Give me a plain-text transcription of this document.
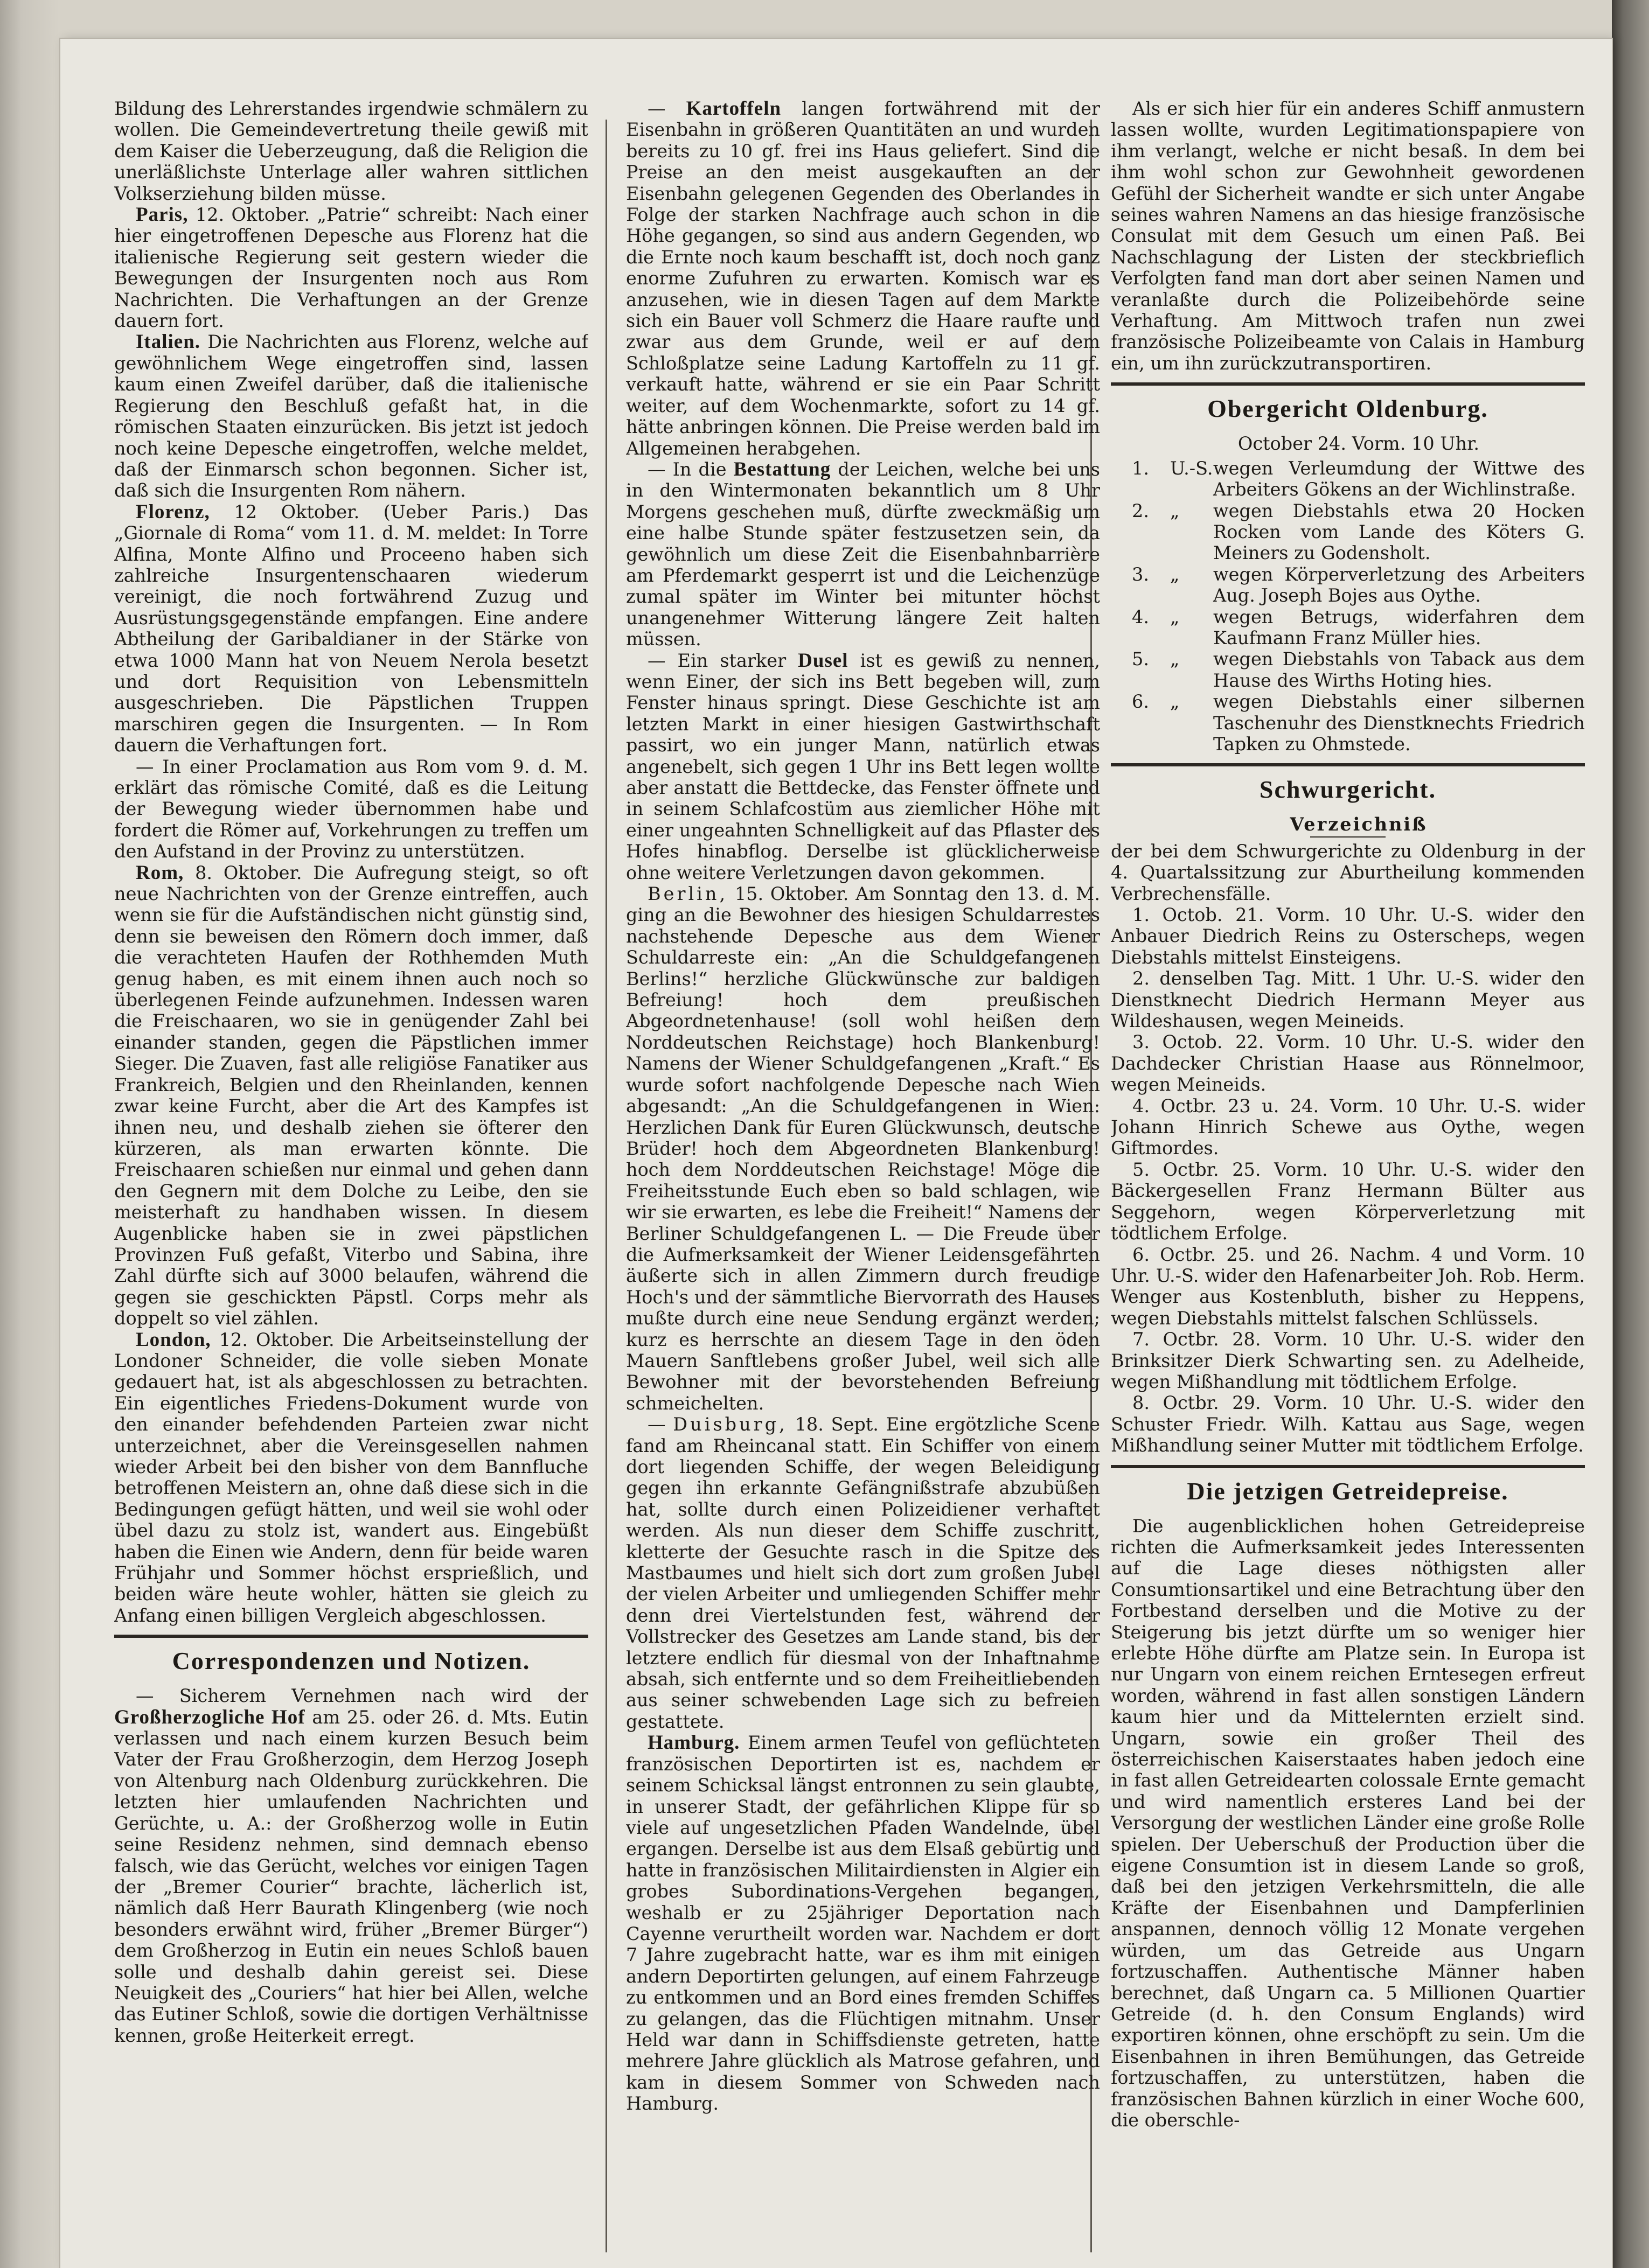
Bildung des Lehrerstandes irgendwie schmälern zu wollen. Die Gemeindevertretung theile gewiß mit dem Kaiser die Ueberzeugung, daß die Religion die unerläßlichste Unterlage aller wahren sittlichen Volkserziehung bilden müsse.

Paris, 12. Oktober. „Patrie“ schreibt: Nach einer hier eingetroffenen Depesche aus Florenz hat die italienische Regierung seit gestern wieder die Bewegungen der Insurgenten noch aus Rom Nachrichten. Die Verhaftungen an der Grenze dauern fort.

Italien. Die Nachrichten aus Florenz, welche auf gewöhnlichem Wege eingetroffen sind, lassen kaum einen Zweifel darüber, daß die italienische Regierung den Beschluß gefaßt hat, in die römischen Staaten einzurücken. Bis jetzt ist jedoch noch keine Depesche eingetroffen, welche meldet, daß der Einmarsch schon begonnen. Sicher ist, daß sich die Insurgenten Rom nähern.

Florenz, 12 Oktober. (Ueber Paris.) Das „Giornale di Roma“ vom 11. d. M. meldet: In Torre Alfina, Monte Alfino und Proceeno haben sich zahlreiche Insurgentenschaaren wiederum vereinigt, die noch fortwährend Zuzug und Ausrüstungsgegenstände empfangen. Eine andere Abtheilung der Garibaldianer in der Stärke von etwa 1000 Mann hat von Neuem Nerola besetzt und dort Requisition von Lebensmitteln ausgeschrieben. Die Päpstlichen Truppen marschiren gegen die Insurgenten. — In Rom dauern die Verhaftungen fort.

— In einer Proclamation aus Rom vom 9. d. M. erklärt das römische Comité, daß es die Leitung der Bewegung wieder übernommen habe und fordert die Römer auf, Vorkehrungen zu treffen um den Aufstand in der Provinz zu unterstützen.

Rom, 8. Oktober. Die Aufregung steigt, so oft neue Nachrichten von der Grenze eintreffen, auch wenn sie für die Aufständischen nicht günstig sind, denn sie beweisen den Römern doch immer, daß die verachteten Haufen der Rothhemden Muth genug haben, es mit einem ihnen auch noch so überlegenen Feinde aufzunehmen. Indessen waren die Freischaaren, wo sie in genügender Zahl bei einander standen, gegen die Päpstlichen immer Sieger. Die Zuaven, fast alle religiöse Fanatiker aus Frankreich, Belgien und den Rheinlanden, kennen zwar keine Furcht, aber die Art des Kampfes ist ihnen neu, und deshalb ziehen sie öfterer den kürzeren, als man erwarten könnte. Die Freischaaren schießen nur einmal und gehen dann den Gegnern mit dem Dolche zu Leibe, den sie meisterhaft zu handhaben wissen. In diesem Augenblicke haben sie in zwei päpstlichen Provinzen Fuß gefaßt, Viterbo und Sabina, ihre Zahl dürfte sich auf 3000 belaufen, während die gegen sie geschickten Päpstl. Corps mehr als doppelt so viel zählen.

London, 12. Oktober. Die Arbeitseinstellung der Londoner Schneider, die volle sieben Monate gedauert hat, ist als abgeschlossen zu betrachten. Ein eigentliches Friedens-Dokument wurde von den einander befehdenden Parteien zwar nicht unterzeichnet, aber die Vereinsgesellen nahmen wieder Arbeit bei den bisher von dem Bannfluche betroffenen Meistern an, ohne daß diese sich in die Bedingungen gefügt hätten, und weil sie wohl oder übel dazu zu stolz ist, wandert aus. Eingebüßt haben die Einen wie Andern, denn für beide waren Frühjahr und Sommer höchst ersprießlich, und beiden wäre heute wohler, hätten sie gleich zu Anfang einen billigen Vergleich abgeschlossen.

Correspondenzen und Notizen.

— Sicherem Vernehmen nach wird der Großherzogliche Hof am 25. oder 26. d. Mts. Eutin verlassen und nach einem kurzen Besuch beim Vater der Frau Großherzogin, dem Herzog Joseph von Altenburg nach Oldenburg zurückkehren. Die letzten hier umlaufenden Nachrichten und Gerüchte, u. A.: der Großherzog wolle in Eutin seine Residenz nehmen, sind demnach ebenso falsch, wie das Gerücht, welches vor einigen Tagen der „Bremer Courier“ brachte, lächerlich ist, nämlich daß Herr Baurath Klingenberg (wie noch besonders erwähnt wird, früher „Bremer Bürger“) dem Großherzog in Eutin ein neues Schloß bauen solle und deshalb dahin gereist sei. Diese Neuigkeit des „Couriers“ hat hier bei Allen, welche das Eutiner Schloß, sowie die dortigen Verhältnisse kennen, große Heiterkeit erregt.

— Kartoffeln langen fortwährend mit der Eisenbahn in größeren Quantitäten an und wurden bereits zu 10 gf. frei ins Haus geliefert. Sind die Preise an den meist ausgekauften an der Eisenbahn gelegenen Gegenden des Oberlandes in Folge der starken Nachfrage auch schon in die Höhe gegangen, so sind aus andern Gegenden, wo die Ernte noch kaum beschafft ist, doch noch ganz enorme Zufuhren zu erwarten. Komisch war es anzusehen, wie in diesen Tagen auf dem Markte sich ein Bauer voll Schmerz die Haare raufte und zwar aus dem Grunde, weil er auf dem Schloßplatze seine Ladung Kartoffeln zu 11 gf. verkauft hatte, während er sie ein Paar Schritt weiter, auf dem Wochenmarkte, sofort zu 14 gf. hätte anbringen können. Die Preise werden bald im Allgemeinen herabgehen.

— In die Bestattung der Leichen, welche bei uns in den Wintermonaten bekanntlich um 8 Uhr Morgens geschehen muß, dürfte zweckmäßig um eine halbe Stunde später festzusetzen sein, da gewöhnlich um diese Zeit die Eisenbahnbarrière am Pferdemarkt gesperrt ist und die Leichenzüge zumal später im Winter bei mitunter höchst unangenehmer Witterung längere Zeit halten müssen.

— Ein starker Dusel ist es gewiß zu nennen, wenn Einer, der sich ins Bett begeben will, zum Fenster hinaus springt. Diese Geschichte ist am letzten Markt in einer hiesigen Gastwirthschaft passirt, wo ein junger Mann, natürlich etwas angenebelt, sich gegen 1 Uhr ins Bett legen wollte aber anstatt die Bettdecke, das Fenster öffnete und in seinem Schlafcostüm aus ziemlicher Höhe mit einer ungeahnten Schnelligkeit auf das Pflaster des Hofes hinabflog. Derselbe ist glücklicherweise ohne weitere Verletzungen davon gekommen.

Berlin, 15. Oktober. Am Sonntag den 13. d. M. ging an die Bewohner des hiesigen Schuldarrestes nachstehende Depesche aus dem Wiener Schuldarreste ein: „An die Schuldgefangenen Berlins!“ herzliche Glückwünsche zur baldigen Befreiung! hoch dem preußischen Abgeordnetenhause! (soll wohl heißen dem Norddeutschen Reichstage) hoch Blankenburg! Namens der Wiener Schuldgefangenen „Kraft.“ Es wurde sofort nachfolgende Depesche nach Wien abgesandt: „An die Schuldgefangenen in Wien: Herzlichen Dank für Euren Glückwunsch, deutsche Brüder! hoch dem Abgeordneten Blankenburg! hoch dem Norddeutschen Reichstage! Möge die Freiheitsstunde Euch eben so bald schlagen, wie wir sie erwarten, es lebe die Freiheit!“ Namens der Berliner Schuldgefangenen L. — Die Freude über die Aufmerksamkeit der Wiener Leidensgefährten äußerte sich in allen Zimmern durch freudige Hoch's und der sämmtliche Biervorrath des Hauses mußte durch eine neue Sendung ergänzt werden; kurz es herrschte an diesem Tage in den öden Mauern Sanftlebens großer Jubel, weil sich alle Bewohner mit der bevorstehenden Befreiung schmeichelten.

— Duisburg, 18. Sept. Eine ergötzliche Scene fand am Rheincanal statt. Ein Schiffer von einem dort liegenden Schiffe, der wegen Beleidigung gegen ihn erkannte Gefängnißstrafe abzubüßen hat, sollte durch einen Polizeidiener verhaftet werden. Als nun dieser dem Schiffe zuschritt, kletterte der Gesuchte rasch in die Spitze des Mastbaumes und hielt sich dort zum großen Jubel der vielen Arbeiter und umliegenden Schiffer mehr denn drei Viertelstunden fest, während der Vollstrecker des Gesetzes am Lande stand, bis der letztere endlich für diesmal von der Inhaftnahme absah, sich entfernte und so dem Freiheitliebenden aus seiner schwebenden Lage sich zu befreien gestattete.

Hamburg. Einem armen Teufel von geflüchteten französischen Deportirten ist es, nachdem er seinem Schicksal längst entronnen zu sein glaubte, in unserer Stadt, der gefährlichen Klippe für so viele auf ungesetzlichen Pfaden Wandelnde, übel ergangen. Derselbe ist aus dem Elsaß gebürtig und hatte in französischen Militairdiensten in Algier ein grobes Subordinations-Vergehen begangen, weshalb er zu 25jähriger Deportation nach Cayenne verurtheilt worden war. Nachdem er dort 7 Jahre zugebracht hatte, war es ihm mit einigen andern Deportirten gelungen, auf einem Fahrzeuge zu entkommen und an Bord eines fremden Schiffes zu gelangen, das die Flüchtigen mitnahm. Unser Held war dann in Schiffsdienste getreten, hatte mehrere Jahre glücklich als Matrose gefahren, und kam in diesem Sommer von Schweden nach Hamburg.

Als er sich hier für ein anderes Schiff anmustern lassen wollte, wurden Legitimationspapiere von ihm verlangt, welche er nicht besaß. In dem bei ihm wohl schon zur Gewohnheit gewordenen Gefühl der Sicherheit wandte er sich unter Angabe seines wahren Namens an das hiesige französische Consulat mit dem Gesuch um einen Paß. Bei Nachschlagung der Listen der steckbrieflich Verfolgten fand man dort aber seinen Namen und veranlaßte durch die Polizeibehörde seine Verhaftung. Am Mittwoch trafen nun zwei französische Polizeibeamte von Calais in Hamburg ein, um ihn zurückzutransportiren.

Obergericht Oldenburg.

October 24. Vorm. 10 Uhr.

1.	U.-S. wegen Verleumdung der Wittwe des Arbeiters Gökens an der Wichlinstraße.
2.	„	wegen Diebstahls etwa 20 Hocken Rocken vom Lande des Köters G. Meiners zu Godensholt.
3.	„	wegen Körperverletzung des Arbeiters Aug. Joseph Bojes aus Oythe.
4.	„	wegen Betrugs, widerfahren dem Kaufmann Franz Müller hies.
5.	„	wegen Diebstahls von Taback aus dem Hause des Wirths Hoting hies.
6.	„	wegen Diebstahls einer silbernen Taschenuhr des Dienstknechts Friedrich Tapken zu Ohmstede.
Schwurgericht.

Verzeichniß

der bei dem Schwurgerichte zu Oldenburg in der 4. Quartalssitzung zur Aburtheilung kommenden Verbrechensfälle.

1. Octob. 21. Vorm. 10 Uhr. U.-S. wider den Anbauer Diedrich Reins zu Osterscheps, wegen Diebstahls mittelst Einsteigens.
2. denselben Tag. Mitt. 1 Uhr. U.-S. wider den Dienstknecht Diedrich Hermann Meyer aus Wildeshausen, wegen Meineids.
3. Octob. 22. Vorm. 10 Uhr. U.-S. wider den Dachdecker Christian Haase aus Rönnelmoor, wegen Meineids.
4. Octbr. 23 u. 24. Vorm. 10 Uhr. U.-S. wider Johann Hinrich Schewe aus Oythe, wegen Giftmordes.
5. Octbr. 25. Vorm. 10 Uhr. U.-S. wider den Bäckergesellen Franz Hermann Bülter aus Seggehorn, wegen Körperverletzung mit tödtlichem Erfolge.
6. Octbr. 25. und 26. Nachm. 4 und Vorm. 10 Uhr. U.-S. wider den Hafenarbeiter Joh. Rob. Herm. Wenger aus Kostenbluth, bisher zu Heppens, wegen Diebstahls mittelst falschen Schlüssels.
7. Octbr. 28. Vorm. 10 Uhr. U.-S. wider den Brinksitzer Dierk Schwarting sen. zu Adelheide, wegen Mißhandlung mit tödtlichem Erfolge.
8. Octbr. 29. Vorm. 10 Uhr. U.-S. wider den Schuster Friedr. Wilh. Kattau aus Sage, wegen Mißhandlung seiner Mutter mit tödtlichem Erfolge.
Die jetzigen Getreidepreise.

Die augenblicklichen hohen Getreidepreise richten die Aufmerksamkeit jedes Interessenten auf die Lage dieses nöthigsten aller Consumtionsartikel und eine Betrachtung über den Fortbestand derselben und die Motive zu der Steigerung bis jetzt dürfte um so weniger hier erlebte Höhe dürfte am Platze sein. In Europa ist nur Ungarn von einem reichen Erntesegen erfreut worden, während in fast allen sonstigen Ländern kaum hier und da Mittelernten erzielt sind. Ungarn, sowie ein großer Theil des österreichischen Kaiserstaates haben jedoch eine in fast allen Getreidearten colossale Ernte gemacht und wird namentlich ersteres Land bei der Versorgung der westlichen Länder eine große Rolle spielen. Der Ueberschuß der Production über die eigene Consumtion ist in diesem Lande so groß, daß bei den jetzigen Verkehrsmitteln, die alle Kräfte der Eisenbahnen und Dampferlinien anspannen, dennoch völlig 12 Monate vergehen würden, um das Getreide aus Ungarn fortzuschaffen. Authentische Männer haben berechnet, daß Ungarn ca. 5 Millionen Quartier Getreide (d. h. den Consum Englands) wird exportiren können, ohne erschöpft zu sein. Um die Eisenbahnen in ihren Bemühungen, das Getreide fortzuschaffen, zu unterstützen, haben die französischen Bahnen kürzlich in einer Woche 600, die oberschle-
